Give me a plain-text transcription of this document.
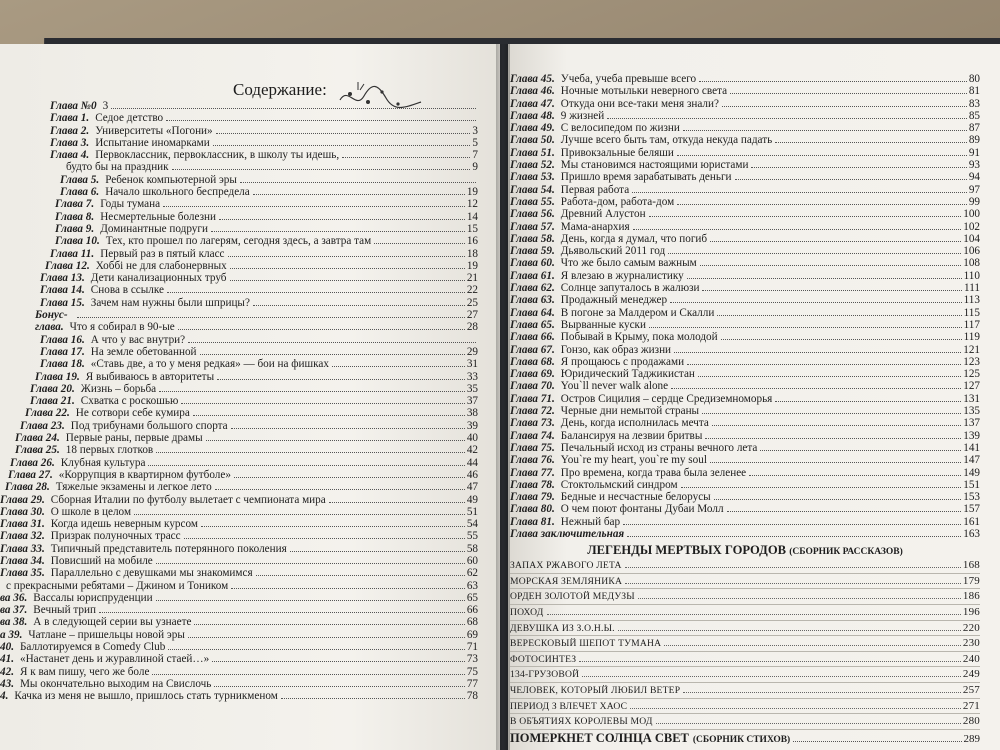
Содержание:
Глава №0 3
Глава 1. Седое детство
Глава 2. Университеты «Погони»	3
Глава 3. Испытание иномарками	5
Глава 4. Первоклассник, первоклассник, в школу ты идешь,	7
будто бы на праздник	9
Глава 5. Ребенок компьютерной эры
Глава 6. Начало школьного беспредела	19
Глава 7. Годы тумана	12
Глава 8. Несмертельные болезни	14
Глава 9. Доминантные подруги	15
Глава 10. Тех, кто прошел по лагерям, сегодня здесь, а завтра там	16
Глава 11. Первый раз в пятый класс	18
Глава 12. Хоббі не для слабонервных	19
Глава 13. Дети канализационных труб	21
Глава 14. Снова в ссылке	22
Глава 15. Зачем нам нужны были шприцы?	25
Бонус-	27
глава. Что я собирал в 90-ые	28
Глава 16. А что у вас внутри?
Глава 17. На земле обетованной	29
Глава 18. «Ставь две, а то у меня редкая» — бои на фишках	31
Глава 19. Я выбиваюсь в авторитеты	33
Глава 20. Жизнь – борьба	35
Глава 21. Схватка с роскошью	37
Глава 22. Не сотвори себе кумира	38
Глава 23. Под трибунами большого спорта	39
Глава 24. Первые раны, первые драмы	40
Глава 25. 18 первых глотков	42
Глава 26. Клубная культура	44
Глава 27. «Коррупция в квартирном футболе»	46
Глава 28. Тяжелые экзамены и легкое лето	47
Глава 29. Сборная Италии по футболу вылетает с чемпионата мира	49
Глава 30. О школе в целом	51
Глава 31. Когда идешь неверным курсом	54
Глава 32. Призрак полуночных трасс	55
Глава 33. Типичный представитель потерянного поколения	58
Глава 34. Повисший на мобиле	60
Глава 35. Параллельно с девушками мы знакомимся	62
с прекрасными ребятами – Джином и Тоником	63
ва 36. Вассалы юриспруденции	65
ва 37. Вечный трип	66
ва 38. А в следующей серии вы узнаете	68
а 39. Чатлане – пришельцы новой эры	69
40. Баллотируемся в Comedy Club	71
41. «Настанет день и журавлиной стаей…»	73
42. Я к вам пишу, чего же боле	75
43. Мы окончательно выходим на Свислочь	77
4. Качка из меня не вышло, пришлось стать турникменом	78
Глава 45. Учеба, учеба превыше всего	80
Глава 46. Ночные мотыльки неверного света	81
Глава 47. Откуда они все-таки меня знали?	83
Глава 48. 9 жизней	85
Глава 49. С велосипедом по жизни	87
Глава 50. Лучше всего быть там, откуда некуда падать	89
Глава 51. Привокзальные беляши	91
Глава 52. Мы становимся настоящими юристами	93
Глава 53. Пришло время зарабатывать деньги	94
Глава 54. Первая работа	97
Глава 55. Работа-дом, работа-дом	99
Глава 56. Древний Алустон	100
Глава 57. Мама-анархия	102
Глава 58. День, когда я думал, что погиб	104
Глава 59. Дьявольский 2011 год	106
Глава 60. Что же было самым важным	108
Глава 61. Я влезаю в журналистику	110
Глава 62. Солнце запуталось в жалюзи	111
Глава 63. Продажный менеджер	113
Глава 64. В погоне за Малдером и Скалли	115
Глава 65. Вырванные куски	117
Глава 66. Побывай в Крыму, пока молодой	119
Глава 67. Гонзо, как образ жизни	121
Глава 68. Я прощаюсь с продажами	123
Глава 69. Юридический Таджикистан	125
Глава 70. You`ll never walk alone	127
Глава 71. Остров Сицилия – сердце Средиземноморья	131
Глава 72. Черные дни немытой страны	135
Глава 73. День, когда исполнилась мечта	137
Глава 74. Балансируя на лезвии бритвы	139
Глава 75. Печальный исход из страны вечного лета	141
Глава 76. You`re my heart, you`re my soul	147
Глава 77. Про времена, когда трава была зеленее	149
Глава 78. Стоктольмский синдром	151
Глава 79. Бедные и несчастные белорусы	153
Глава 80. О чем поют фонтаны Дубаи Молл	157
Глава 81. Нежный бар	161
Глава заключительная	163
ЛЕГЕНДЫ МЕРТВЫХ ГОРОДОВ (СБОРНИК РАССКАЗОВ)
ЗАПАХ РЖАВОГО ЛЕТА	168
МОРСКАЯ ЗЕМЛЯНИКА	179
ОРДЕН ЗОЛОТОЙ МЕДУЗЫ	186
ПОХОД	196
ДЕВУШКА ИЗ З.О.Н.Ы.	220
ВЕРЕСКОВЫЙ ШЕПОТ ТУМАНА	230
ФОТОСИНТЕЗ	240
134-ГРУЗОВОЙ	249
ЧЕЛОВЕК, КОТОРЫЙ ЛЮБИЛ ВЕТЕР	257
ПЕРИОД З ВЛЕЧЕТ ХАОС	271
В ОБЪЯТИЯХ КОРОЛЕВЫ МОД	280
ПОМЕРКНЕТ СОЛНЦА СВЕТ (СБОРНИК СТИХОВ)	289
